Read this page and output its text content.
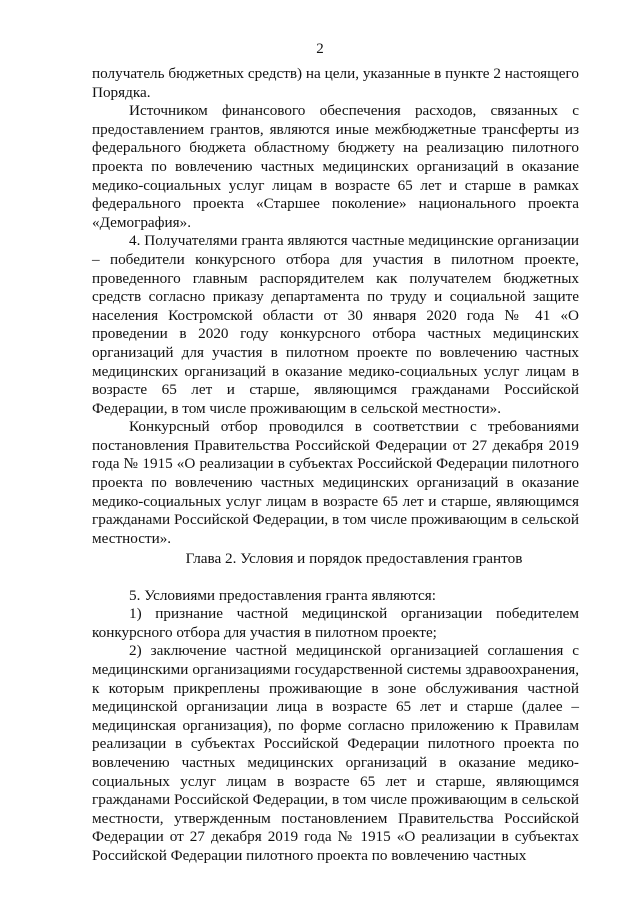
2

получатель бюджетных средств) на цели, указанные в пункте 2 настоящего Порядка.

Источником финансового обеспечения расходов, связанных с предоставлением грантов, являются иные межбюджетные трансферты из федерального бюджета областному бюджету на реализацию пилотного проекта по вовлечению частных медицинских организаций в оказание медико-социальных услуг лицам в возрасте 65 лет и старше в рамках федерального проекта «Старшее поколение» национального проекта «Демография».

4. Получателями гранта являются частные медицинские организации – победители конкурсного отбора для участия в пилотном проекте, проведенного главным распорядителем как получателем бюджетных средств согласно приказу департамента по труду и социальной защите населения Костромской области от 30 января 2020 года № 41 «О проведении в 2020 году конкурсного отбора частных медицинских организаций для участия в пилотном проекте по вовлечению частных медицинских организаций в оказание медико-социальных услуг лицам в возрасте 65 лет и старше, являющимся гражданами Российской Федерации, в том числе проживающим в сельской местности».

Конкурсный отбор проводился в соответствии с требованиями постановления Правительства Российской Федерации от 27 декабря 2019 года № 1915 «О реализации в субъектах Российской Федерации пилотного проекта по вовлечению частных медицинских организаций в оказание медико-социальных услуг лицам в возрасте 65 лет и старше, являющимся гражданами Российской Федерации, в том числе проживающим в сельской местности».

Глава 2. Условия и порядок предоставления грантов

5. Условиями предоставления гранта являются:

1) признание частной медицинской организации победителем конкурсного отбора для участия в пилотном проекте;

2) заключение частной медицинской организацией соглашения с медицинскими организациями государственной системы здравоохранения, к которым прикреплены проживающие в зоне обслуживания частной медицинской организации лица в возрасте 65 лет и старше (далее – медицинская организация), по форме согласно приложению к Правилам реализации в субъектах Российской Федерации пилотного проекта по вовлечению частных медицинских организаций в оказание медико-социальных услуг лицам в возрасте 65 лет и старше, являющимся гражданами Российской Федерации, в том числе проживающим в сельской местности, утвержденным постановлением Правительства Российской Федерации от 27 декабря 2019 года № 1915 «О реализации в субъектах Российской Федерации пилотного проекта по вовлечению частных
